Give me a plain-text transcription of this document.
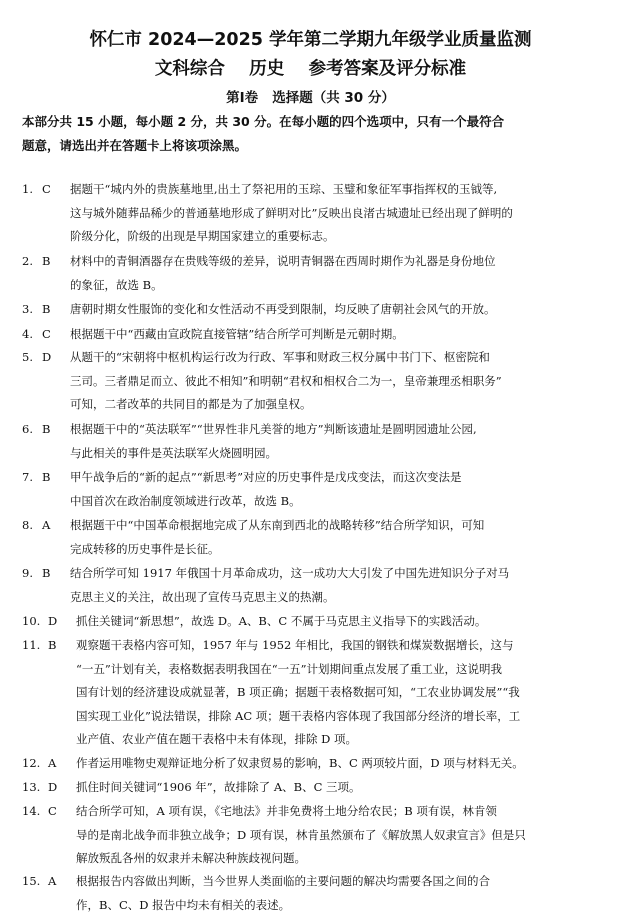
怀仁市 2024—2025 学年第二学期九年级学业质量监测
文科综合    历史    参考答案及评分标准
第Ⅰ卷   选择题（共 30 分）
本部分共 15 小题，每小题 2 分，共 30 分。在每小题的四个选项中，只有一个最符合
题意，请选出并在答题卡上将该项涂黑。
1. C	据题干“城内外的贵族墓地里,出土了祭祀用的玉琮、玉璧和象征军事指挥权的玉钺等,
这与城外随葬品稀少的普通墓地形成了鲜明对比”反映出良渚古城遗址已经出现了鲜明的
阶级分化，阶级的出现是早期国家建立的重要标志。
2. B	材料中的青铜酒器存在贵贱等级的差异，说明青铜器在西周时期作为礼器是身份地位
的象征，故选 B。
3. B	唐朝时期女性服饰的变化和女性活动不再受到限制，均反映了唐朝社会风气的开放。
4. C	根据题干中“西藏由宣政院直接管辖”结合所学可判断是元朝时期。
5. D	从题干的“宋朝将中枢机构运行改为行政、军事和财政三权分属中书门下、枢密院和
三司。三者鼎足而立、彼此不相知”和明朝“君权和相权合二为一，皇帝兼理丞相职务”
可知，二者改革的共同目的都是为了加强皇权。
6. B	根据题干中的“英法联军”“世界性非凡美誉的地方”判断该遗址是圆明园遗址公园,
与此相关的事件是英法联军火烧圆明园。
7. B	甲午战争后的“新的起点”“新思考”对应的历史事件是戊戌变法，而这次变法是
中国首次在政治制度领域进行改革，故选 B。
8. A	根据题干中“中国革命根据地完成了从东南到西北的战略转移”结合所学知识，可知
完成转移的历史事件是长征。
9. B	结合所学可知 1917 年俄国十月革命成功，这一成功大大引发了中国先进知识分子对马
克思主义的关注，故出现了宣传马克思主义的热潮。
10. D	抓住关键词“新思想”，故选 D。A、B、C 不属于马克思主义指导下的实践活动。
11. B	观察题干表格内容可知，1957 年与 1952 年相比，我国的钢铁和煤炭数据增长，这与
“一五”计划有关，表格数据表明我国在“一五”计划期间重点发展了重工业，这说明我
国有计划的经济建设成就显著，B 项正确；据题干表格数据可知，“工农业协调发展”“我
国实现工业化”说法错误，排除 AC 项；题干表格内容体现了我国部分经济的增长率，工
业产值、农业产值在题干表格中未有体现，排除 D 项。
12. A	作者运用唯物史观辩证地分析了奴隶贸易的影响，B、C 两项较片面，D 项与材料无关。
13. D	抓住时间关键词“1906 年”，故排除了 A、B、C 三项。
14. C	结合所学可知，A 项有误，《宅地法》并非免费将土地分给农民；B 项有误，林肯领
导的是南北战争而非独立战争；D 项有误，林肯虽然颁布了《解放黑人奴隶宣言》但是只
解放叛乱各州的奴隶并未解决种族歧视问题。
15. A	根据报告内容做出判断，当今世界人类面临的主要问题的解决均需要各国之间的合
作，B、C、D 报告中均未有相关的表述。
